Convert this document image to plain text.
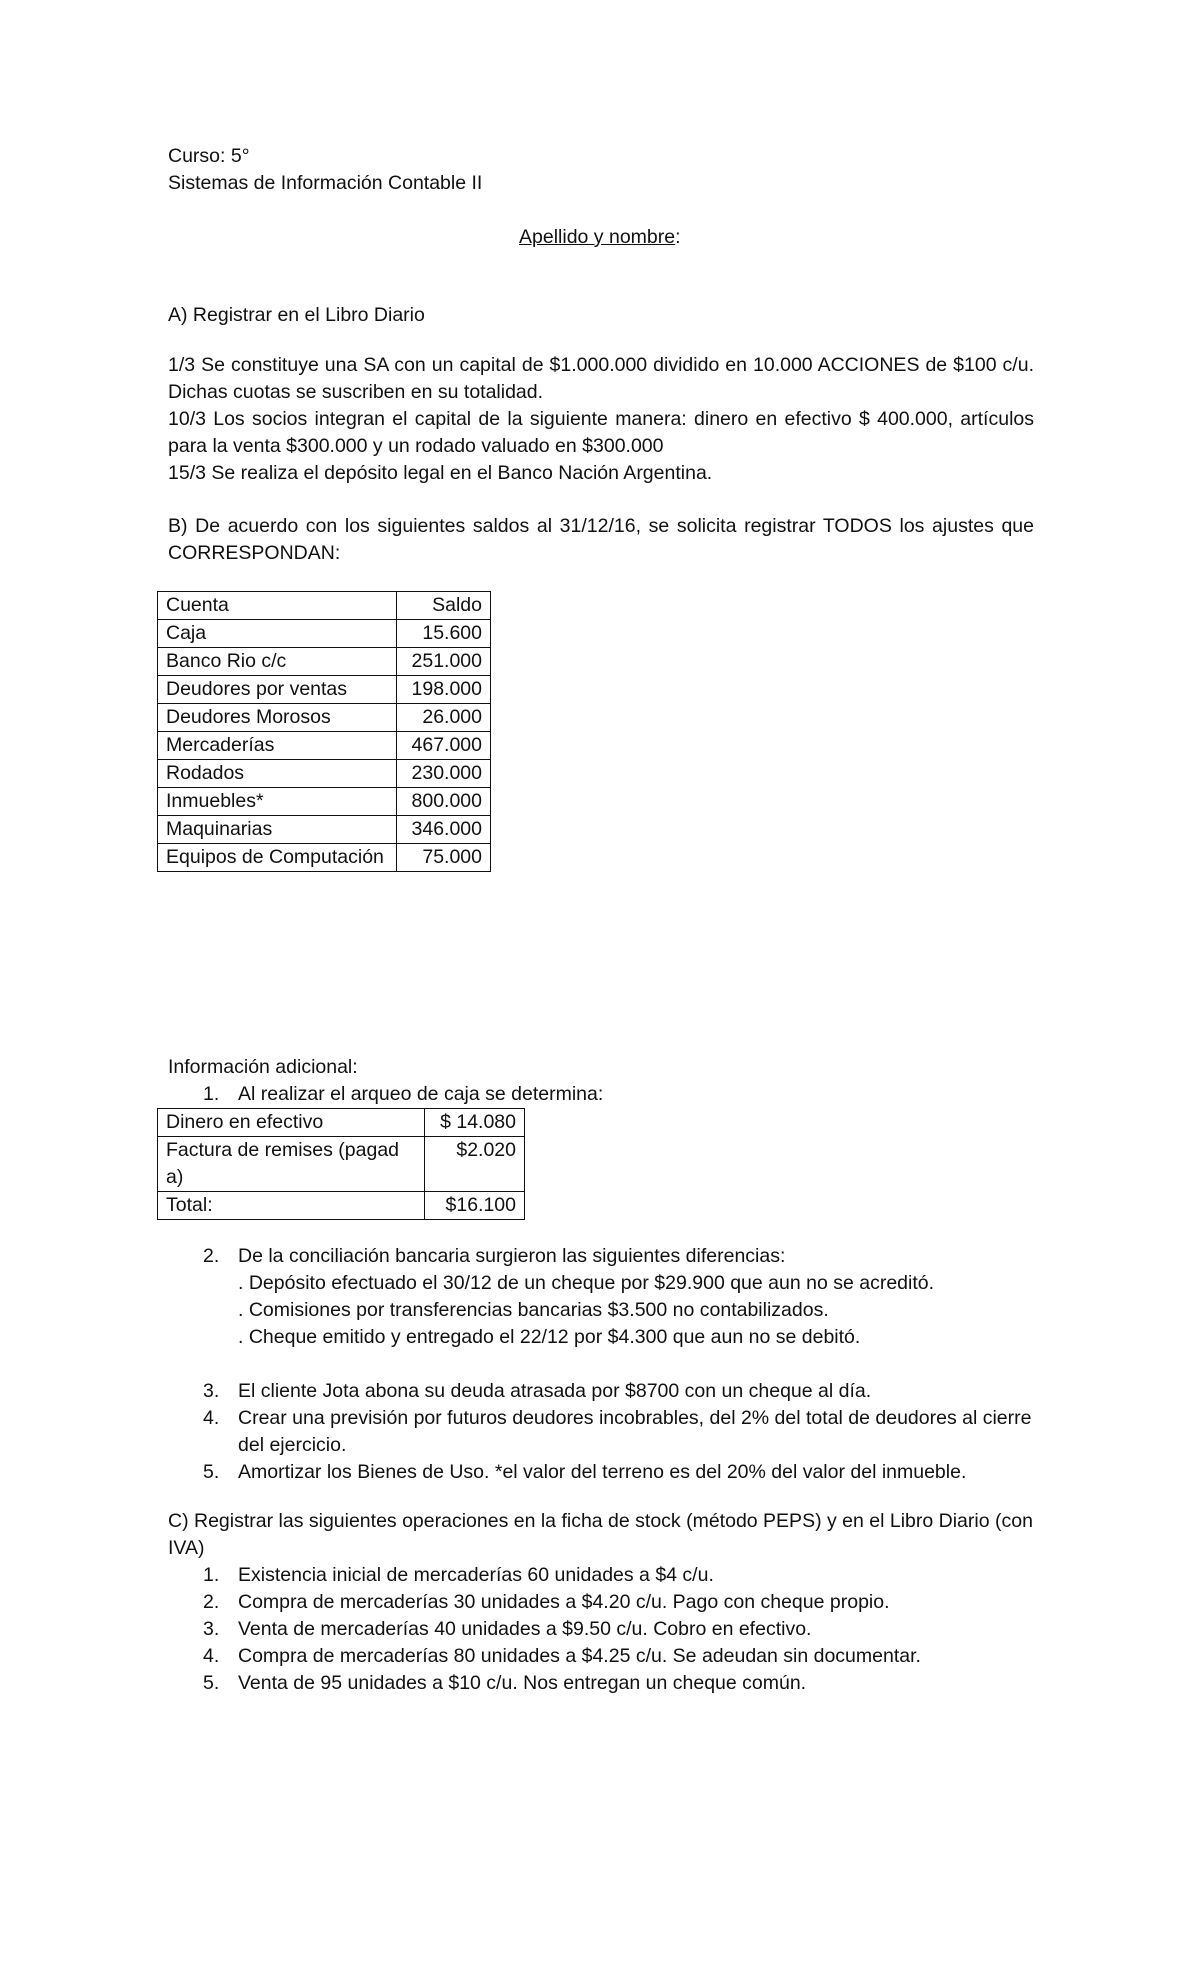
Curso: 5°
Sistemas de Información Contable II
Apellido y nombre:
A) Registrar en el Libro Diario
1/3 Se constituye una SA con un capital de $1.000.000 dividido en 10.000 ACCIONES de $100 c/u. Dichas cuotas se suscriben en su totalidad.
10/3 Los socios integran el capital de la siguiente manera: dinero en efectivo $ 400.000, artículos para la venta $300.000 y un rodado valuado en $300.000
15/3 Se realiza el depósito legal en el Banco Nación Argentina.
B) De acuerdo con los siguientes saldos al 31/12/16, se solicita registrar TODOS los ajustes que CORRESPONDAN:
Cuenta	Saldo
Caja	15.600
Banco Rio c/c	251.000
Deudores por ventas	198.000
Deudores Morosos	26.000
Mercaderías	467.000
Rodados	230.000
Inmuebles*	800.000
Maquinarias	346.000
Equipos de Computación	75.000
Información adicional:
1. Al realizar el arqueo de caja se determina:
Dinero en efectivo	$ 14.080
Factura de remises (pagada)	$2.020
Total:	$16.100
2. De la conciliación bancaria surgieron las siguientes diferencias:
. Depósito efectuado el 30/12 de un cheque por $29.900 que aun no se acreditó.
. Comisiones por transferencias bancarias $3.500 no contabilizados.
. Cheque emitido y entregado el 22/12 por $4.300 que aun no se debitó.
3. El cliente Jota abona su deuda atrasada por $8700 con un cheque al día.
4. Crear una previsión por futuros deudores incobrables, del 2% del total de deudores al cierre del ejercicio.
5. Amortizar los Bienes de Uso. *el valor del terreno es del 20% del valor del inmueble.
C) Registrar las siguientes operaciones en la ficha de stock (método PEPS) y en el Libro Diario (con IVA)
1. Existencia inicial de mercaderías 60 unidades a $4 c/u.
2. Compra de mercaderías 30 unidades a $4.20 c/u. Pago con cheque propio.
3. Venta de mercaderías 40 unidades a $9.50 c/u. Cobro en efectivo.
4. Compra de mercaderías 80 unidades a $4.25 c/u. Se adeudan sin documentar.
5. Venta de 95 unidades a $10 c/u. Nos entregan un cheque común.
